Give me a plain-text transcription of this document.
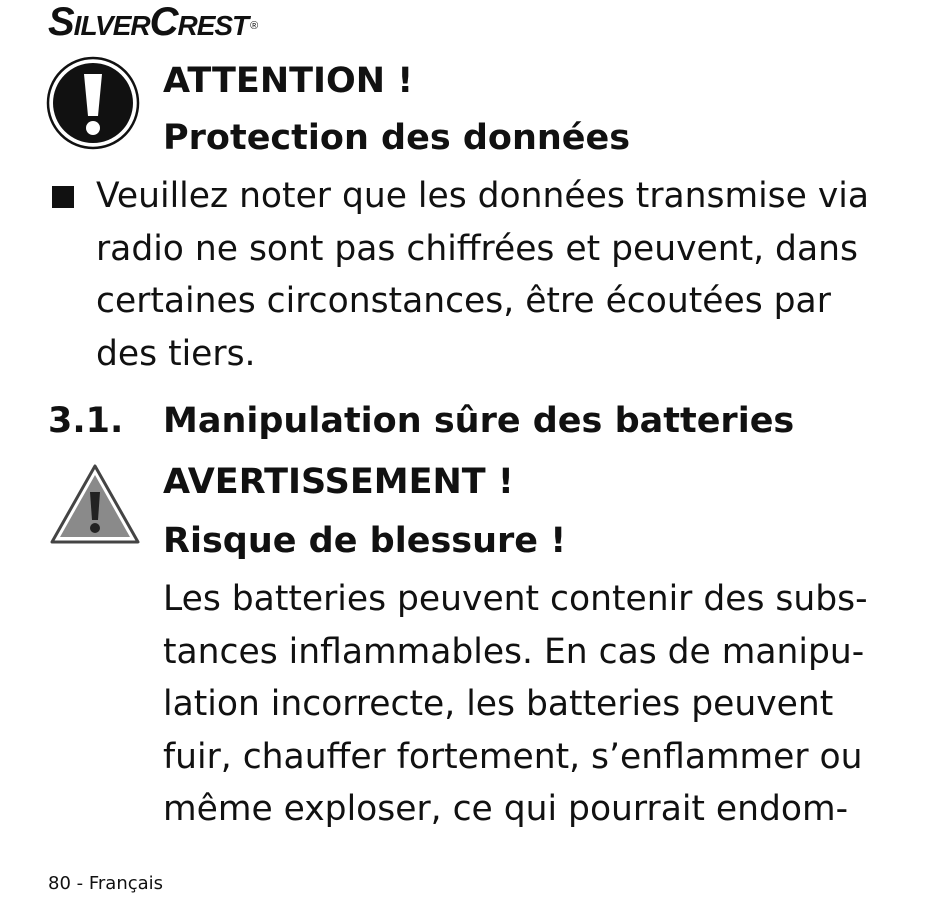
SilverCrest ®
ATTENTION !
Protection des données
Veuillez noter que les données transmise via
radio ne sont pas chiffrées et peuvent, dans
certaines circonstances, être écoutées par
des tiers.
3.1. Manipulation sûre des batteries
AVERTISSEMENT !
Risque de blessure !
Les batteries peuvent contenir des subs-
tances inflammables. En cas de manipu-
lation incorrecte, les batteries peuvent
fuir, chauffer fortement, s’enflammer ou
même exploser, ce qui pourrait endom-
80 - Français
